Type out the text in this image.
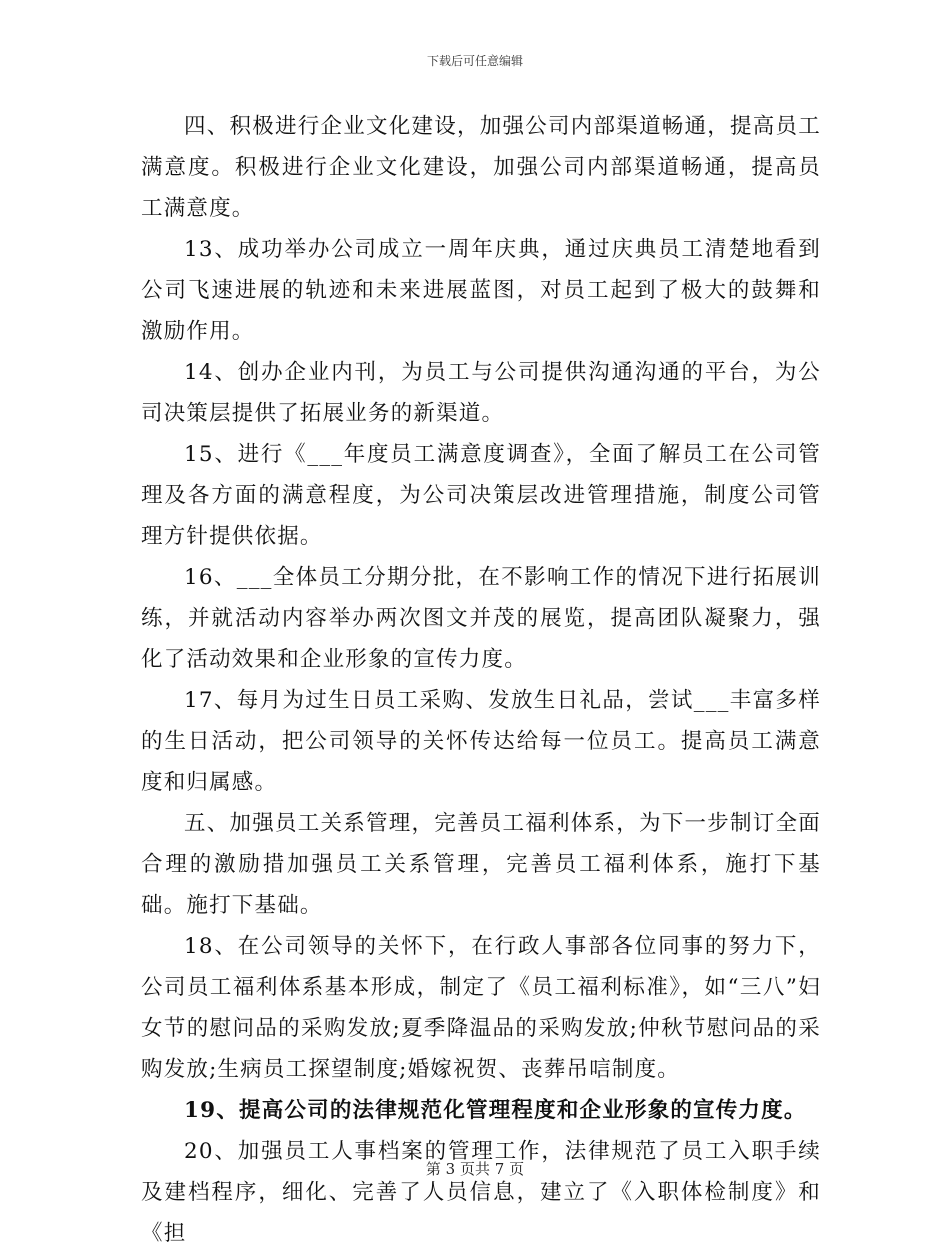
下载后可任意编辑

四、积极进行企业文化建设，加强公司内部渠道畅通，提高员工满意度。积极进行企业文化建设，加强公司内部渠道畅通，提高员工满意度。

13、成功举办公司成立一周年庆典，通过庆典员工清楚地看到公司飞速进展的轨迹和未来进展蓝图，对员工起到了极大的鼓舞和激励作用。

14、创办企业内刊，为员工与公司提供沟通沟通的平台，为公司决策层提供了拓展业务的新渠道。

15、进行《___年度员工满意度调查》，全面了解员工在公司管理及各方面的满意程度，为公司决策层改进管理措施，制度公司管理方针提供依据。

16、___全体员工分期分批，在不影响工作的情况下进行拓展训练，并就活动内容举办两次图文并茂的展览，提高团队凝聚力，强化了活动效果和企业形象的宣传力度。

17、每月为过生日员工采购、发放生日礼品，尝试___丰富多样的生日活动，把公司领导的关怀传达给每一位员工。提高员工满意度和归属感。

五、加强员工关系管理，完善员工福利体系，为下一步制订全面合理的激励措加强员工关系管理，完善员工福利体系，施打下基础。施打下基础。

18、在公司领导的关怀下，在行政人事部各位同事的努力下，公司员工福利体系基本形成，制定了《员工福利标准》，如“三八”妇女节的慰问品的采购发放;夏季降温品的采购发放;仲秋节慰问品的采购发放;生病员工探望制度;婚嫁祝贺、丧葬吊唁制度。

19、提高公司的法律规范化管理程度和企业形象的宣传力度。

20、加强员工人事档案的管理工作，法律规范了员工入职手续及建档程序，细化、完善了人员信息，建立了《入职体检制度》和《担

第 3 页共 7 页
